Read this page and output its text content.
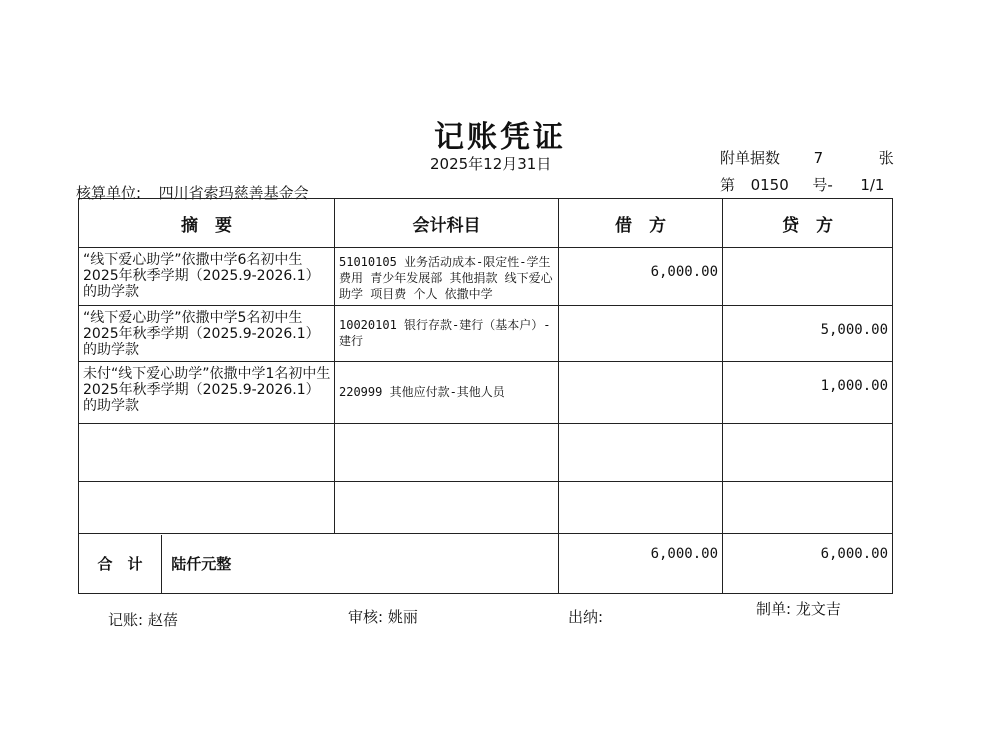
记账凭证
2025年12月31日	附单据数 7	张
第 0150 号- 1/1
核算单位: 四川省索玛慈善基金会
摘　要	会计科目	借　方	贷　方
“线下爱心助学”依撒中学6名初中生2025年秋季学期（2025.9-2026.1）的助学款	51010105 业务活动成本-限定性-学生费用 青少年发展部 其他捐款 线下爱心助学 项目费 个人 依撒中学	6,000.00	
“线下爱心助学”依撒中学5名初中生2025年秋季学期（2025.9-2026.1）的助学款	10020101 银行存款-建行（基本户）-建行		5,000.00
未付“线下爱心助学”依撒中学1名初中生2025年秋季学期（2025.9-2026.1）的助学款	220999 其他应付款-其他人员		1,000.00

合　计 陆仟元整		6,000.00	6,000.00
记账: 赵蓓	审核: 姚丽	出纳:	制单: 龙文吉
